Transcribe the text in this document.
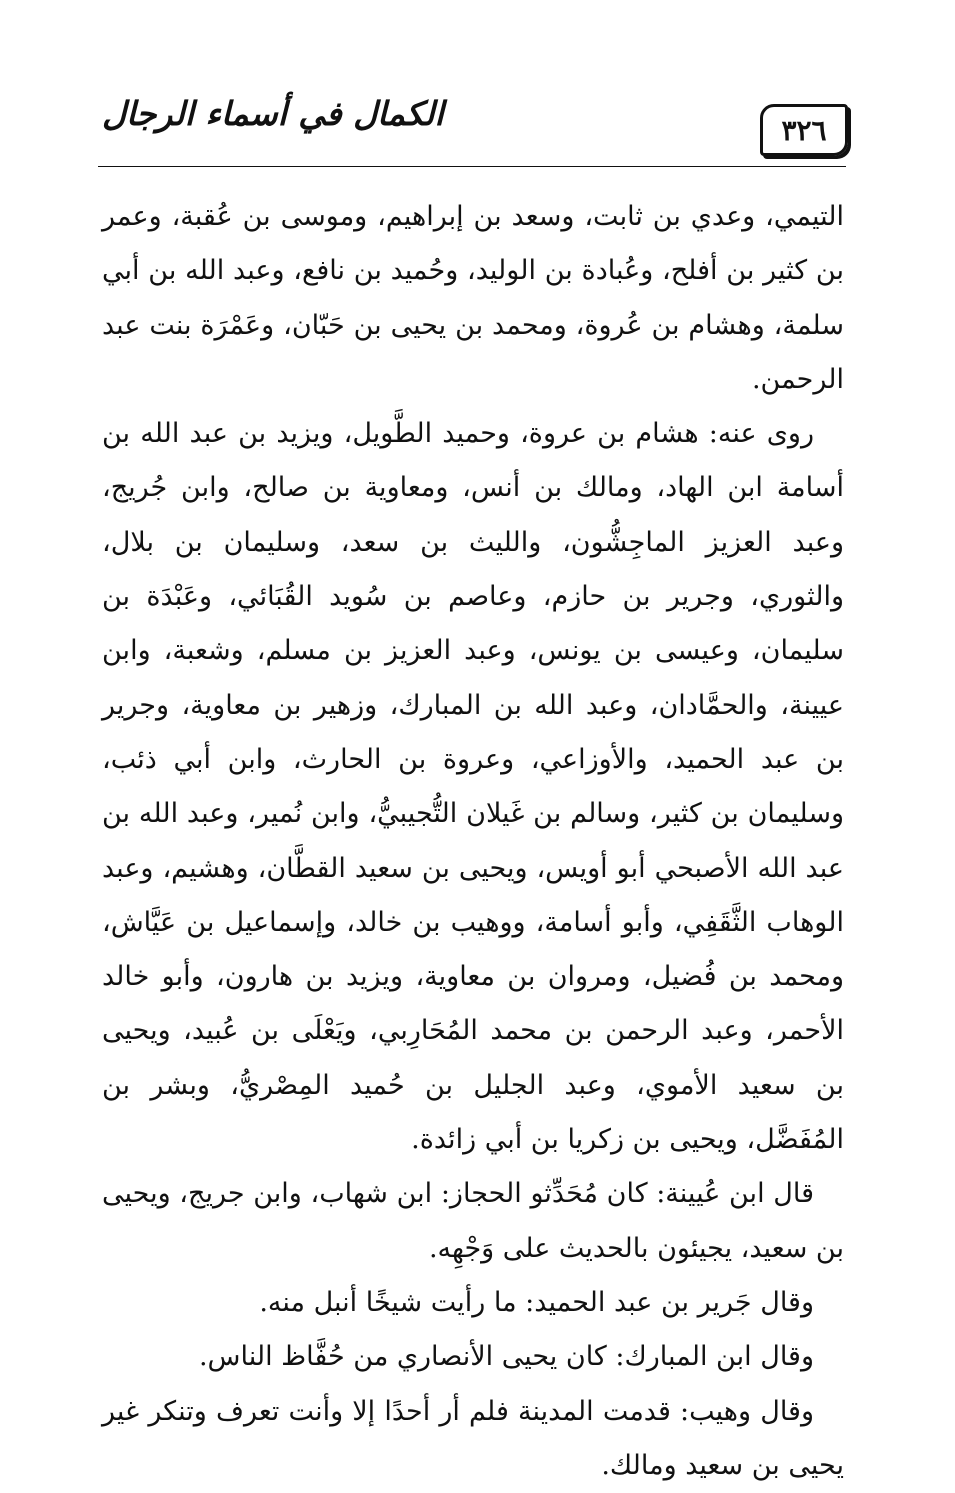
الكمال في أسماء الرجال	٣٢٦

التيمي، وعدي بن ثابت، وسعد بن إبراهيم، وموسى بن عُقبة، وعمر بن كثير بن أفلح، وعُبادة بن الوليد، وحُميد بن نافع، وعبد الله بن أبي سلمة، وهشام بن عُروة، ومحمد بن يحيى بن حَبّان، وعَمْرَة بنت عبد الرحمن.

روى عنه: هشام بن عروة، وحميد الطَّويل، ويزيد بن عبد الله بن أسامة ابن الهاد، ومالك بن أنس، ومعاوية بن صالح، وابن جُريج، وعبد العزيز الماجِشُّون، والليث بن سعد، وسليمان بن بلال، والثوري، وجرير بن حازم، وعاصم بن سُويد القُبَائي، وعَبْدَة بن سليمان، وعيسى بن يونس، وعبد العزيز بن مسلم، وشعبة، وابن عيينة، والحمَّادان، وعبد الله بن المبارك، وزهير بن معاوية، وجرير بن عبد الحميد، والأوزاعي، وعروة بن الحارث، وابن أبي ذئب، وسليمان بن كثير، وسالم بن غَيلان التُّجيبيُّ، وابن نُمير، وعبد الله بن عبد الله الأصبحي أبو أويس، ويحيى بن سعيد القطَّان، وهشيم، وعبد الوهاب الثَّقَفِي، وأبو أسامة، ووهيب بن خالد، وإسماعيل بن عَيَّاش، ومحمد بن فُضيل، ومروان بن معاوية، ويزيد بن هارون، وأبو خالد الأحمر، وعبد الرحمن بن محمد المُحَارِبي، ويَعْلَى بن عُبيد، ويحيى بن سعيد الأموي، وعبد الجليل بن حُميد المِصْريُّ، وبشر بن المُفَضَّل، ويحيى بن زكريا بن أبي زائدة.

قال ابن عُيينة: كان مُحَدِّثو الحجاز: ابن شهاب، وابن جريج، ويحيى بن سعيد، يجيئون بالحديث على وَجْهِه.

وقال جَرير بن عبد الحميد: ما رأيت شيخًا أنبل منه.

وقال ابن المبارك: كان يحيى الأنصاري من حُفَّاظ الناس.

وقال وهيب: قدمت المدينة فلم أر أحدًا إلا وأنت تعرف وتنكر غير يحيى بن سعيد ومالك.
